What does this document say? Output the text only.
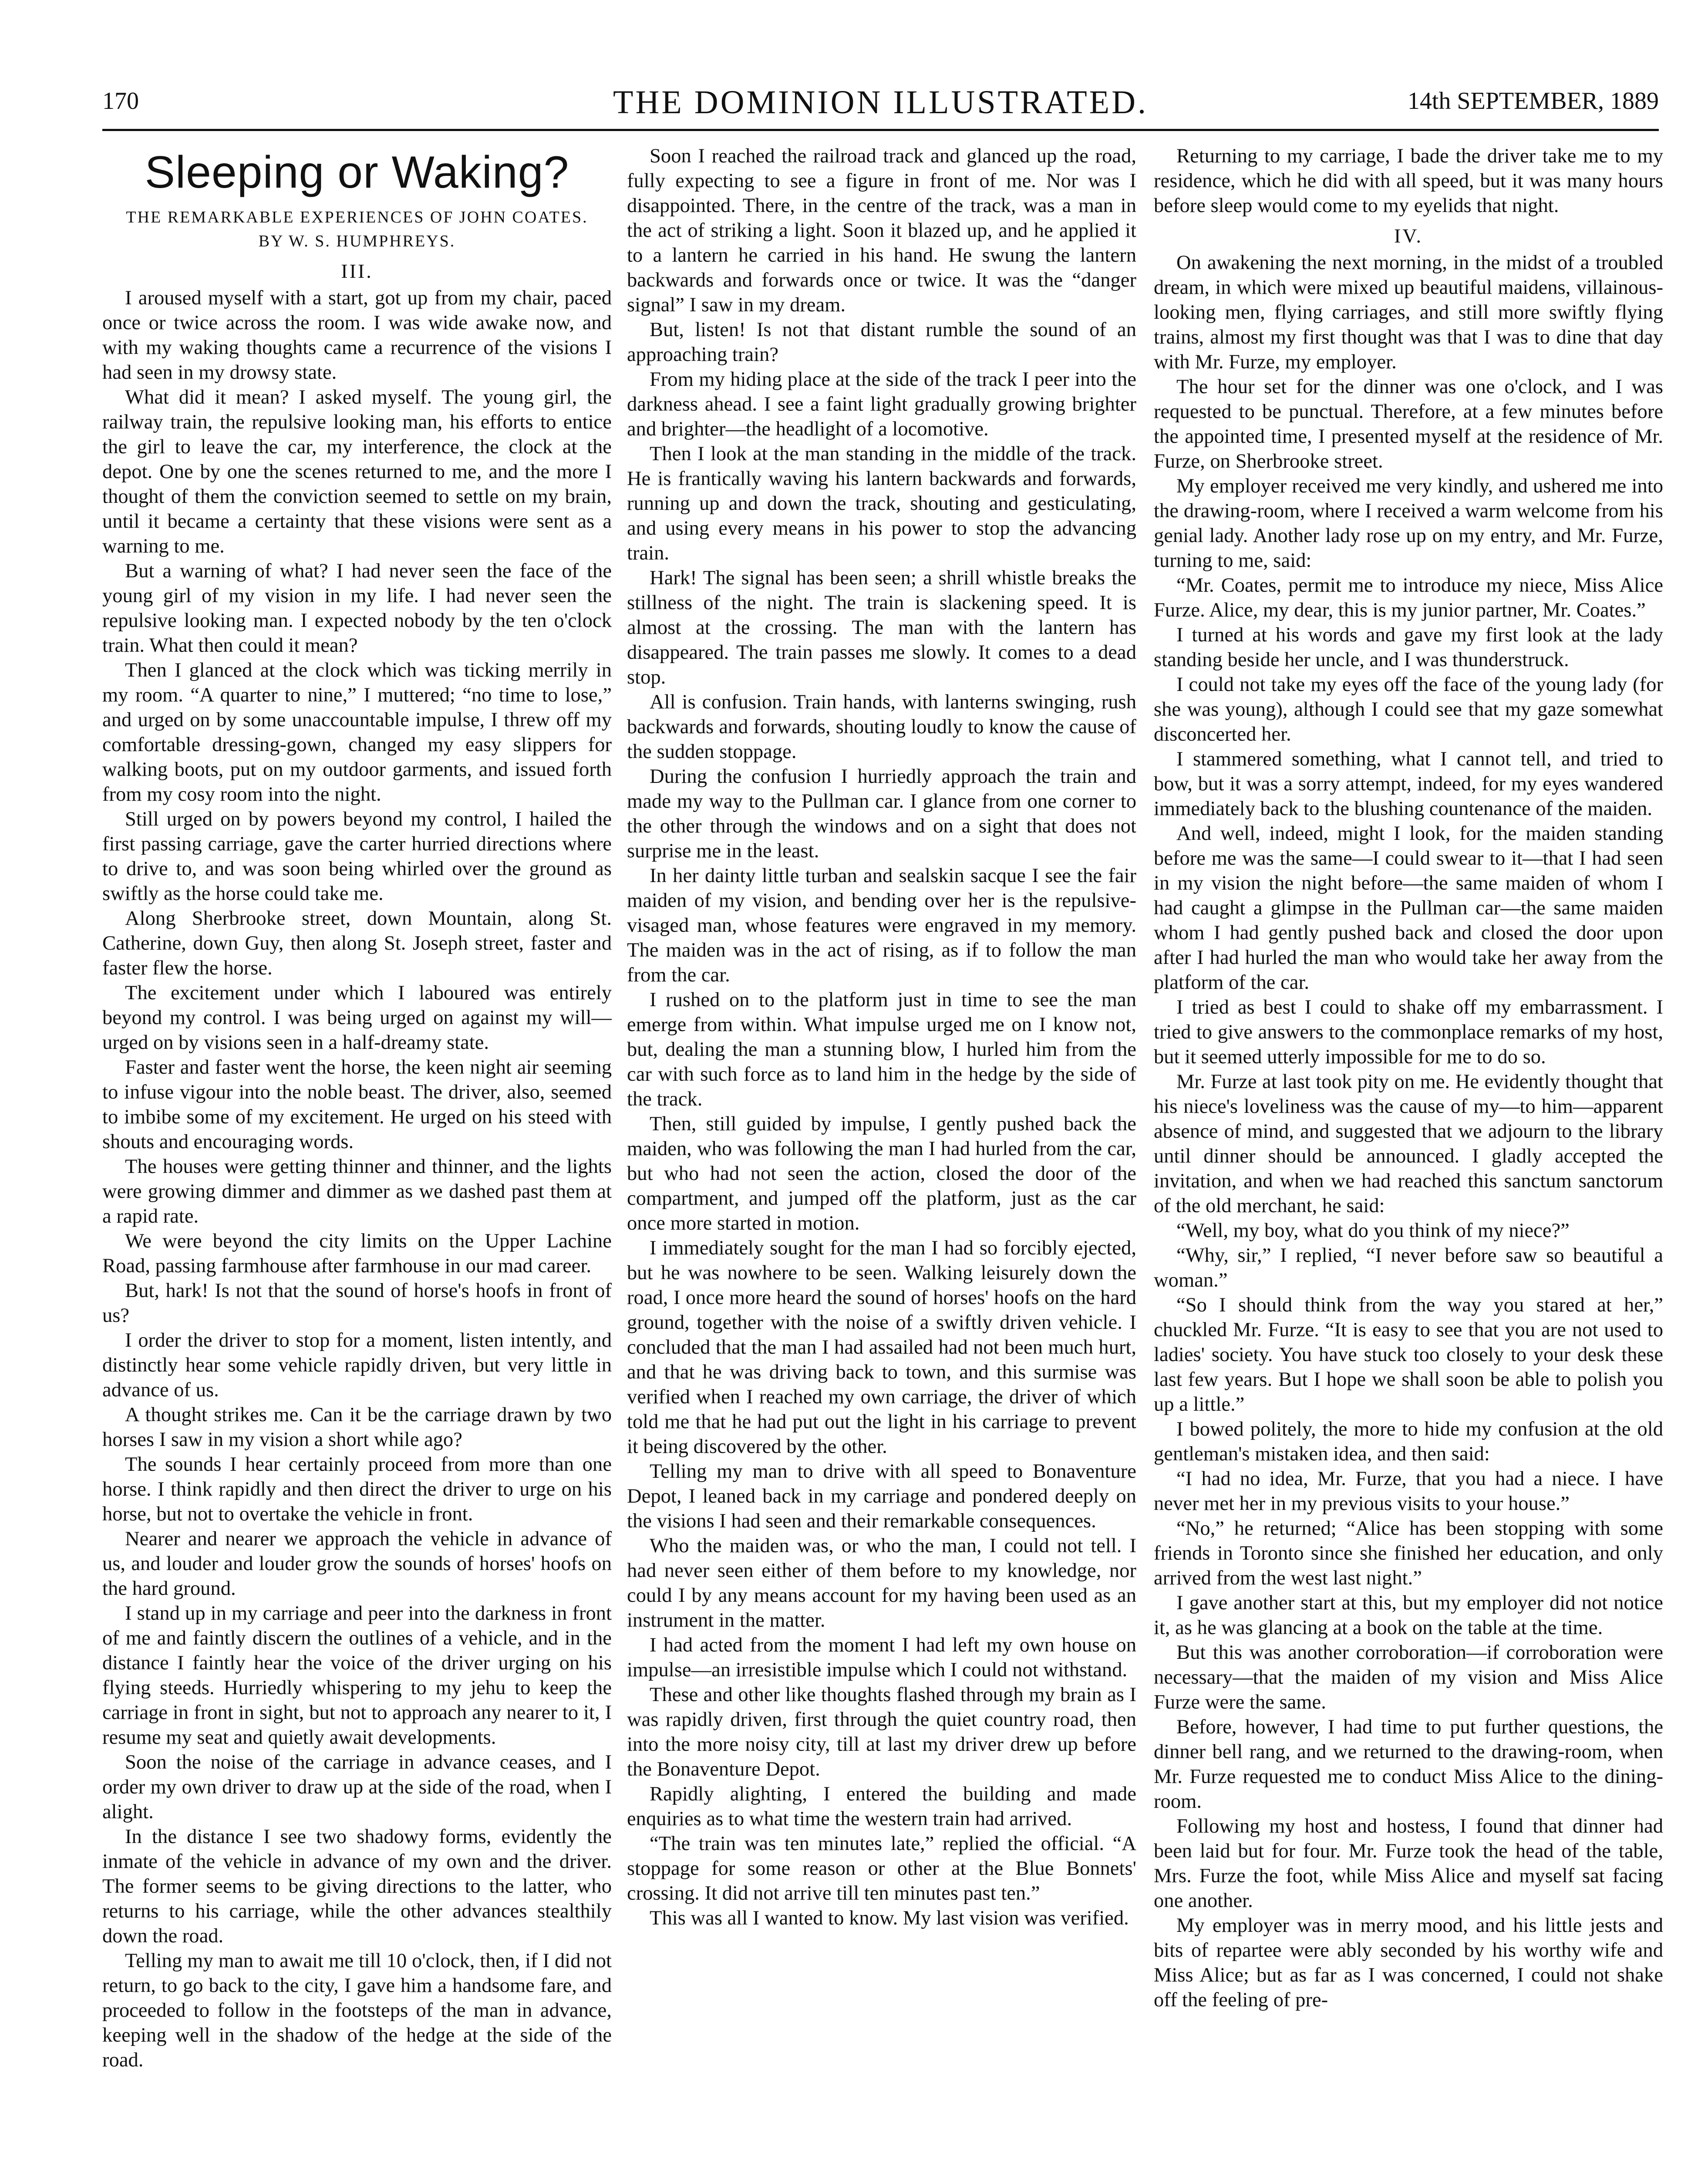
170	THE DOMINION ILLUSTRATED.	14th SEPTEMBER, 1889
Sleeping or Waking?
THE REMARKABLE EXPERIENCES OF JOHN COATES.
BY W. S. HUMPHREYS.
III.

I aroused myself with a start, got up from my chair, paced once or twice across the room. I was wide awake now, and with my waking thoughts came a recurrence of the visions I had seen in my drowsy state.

What did it mean? I asked myself. The young girl, the railway train, the repulsive looking man, his efforts to entice the girl to leave the car, my interference, the clock at the depot. One by one the scenes returned to me, and the more I thought of them the conviction seemed to settle on my brain, until it became a certainty that these visions were sent as a warning to me.

But a warning of what? I had never seen the face of the young girl of my vision in my life. I had never seen the repulsive looking man. I expected nobody by the ten o'clock train. What then could it mean?

Then I glanced at the clock which was ticking merrily in my room. “A quarter to nine,” I muttered; “no time to lose,” and urged on by some unaccountable impulse, I threw off my comfortable dressing-gown, changed my easy slippers for walking boots, put on my outdoor garments, and issued forth from my cosy room into the night.

Still urged on by powers beyond my control, I hailed the first passing carriage, gave the carter hurried directions where to drive to, and was soon being whirled over the ground as swiftly as the horse could take me.

Along Sherbrooke street, down Mountain, along St. Catherine, down Guy, then along St. Joseph street, faster and faster flew the horse.

The excitement under which I laboured was entirely beyond my control. I was being urged on against my will—urged on by visions seen in a half-dreamy state.

Faster and faster went the horse, the keen night air seeming to infuse vigour into the noble beast. The driver, also, seemed to imbibe some of my excitement. He urged on his steed with shouts and encouraging words.

The houses were getting thinner and thinner, and the lights were growing dimmer and dimmer as we dashed past them at a rapid rate.

We were beyond the city limits on the Upper Lachine Road, passing farmhouse after farmhouse in our mad career.

But, hark! Is not that the sound of horse's hoofs in front of us?

I order the driver to stop for a moment, listen intently, and distinctly hear some vehicle rapidly driven, but very little in advance of us.

A thought strikes me. Can it be the carriage drawn by two horses I saw in my vision a short while ago?

The sounds I hear certainly proceed from more than one horse. I think rapidly and then direct the driver to urge on his horse, but not to overtake the vehicle in front.

Nearer and nearer we approach the vehicle in advance of us, and louder and louder grow the sounds of horses' hoofs on the hard ground.

I stand up in my carriage and peer into the darkness in front of me and faintly discern the outlines of a vehicle, and in the distance I faintly hear the voice of the driver urging on his flying steeds. Hurriedly whispering to my jehu to keep the carriage in front in sight, but not to approach any nearer to it, I resume my seat and quietly await developments.

Soon the noise of the carriage in advance ceases, and I order my own driver to draw up at the side of the road, when I alight.

In the distance I see two shadowy forms, evidently the inmate of the vehicle in advance of my own and the driver. The former seems to be giving directions to the latter, who returns to his carriage, while the other advances stealthily down the road.

Telling my man to await me till 10 o'clock, then, if I did not return, to go back to the city, I gave him a handsome fare, and proceeded to follow in the footsteps of the man in advance, keeping well in the shadow of the hedge at the side of the road.

Soon I reached the railroad track and glanced up the road, fully expecting to see a figure in front of me. Nor was I disappointed. There, in the centre of the track, was a man in the act of striking a light. Soon it blazed up, and he applied it to a lantern he carried in his hand. He swung the lantern backwards and forwards once or twice. It was the “danger signal” I saw in my dream.

But, listen! Is not that distant rumble the sound of an approaching train?

From my hiding place at the side of the track I peer into the darkness ahead. I see a faint light gradually growing brighter and brighter—the headlight of a locomotive.

Then I look at the man standing in the middle of the track. He is frantically waving his lantern backwards and forwards, running up and down the track, shouting and gesticulating, and using every means in his power to stop the advancing train.

Hark! The signal has been seen; a shrill whistle breaks the stillness of the night. The train is slackening speed. It is almost at the crossing. The man with the lantern has disappeared. The train passes me slowly. It comes to a dead stop.

All is confusion. Train hands, with lanterns swinging, rush backwards and forwards, shouting loudly to know the cause of the sudden stoppage.

During the confusion I hurriedly approach the train and made my way to the Pullman car. I glance from one corner to the other through the windows and on a sight that does not surprise me in the least.

In her dainty little turban and sealskin sacque I see the fair maiden of my vision, and bending over her is the repulsive-visaged man, whose features were engraved in my memory. The maiden was in the act of rising, as if to follow the man from the car.

I rushed on to the platform just in time to see the man emerge from within. What impulse urged me on I know not, but, dealing the man a stunning blow, I hurled him from the car with such force as to land him in the hedge by the side of the track.

Then, still guided by impulse, I gently pushed back the maiden, who was following the man I had hurled from the car, but who had not seen the action, closed the door of the compartment, and jumped off the platform, just as the car once more started in motion.

I immediately sought for the man I had so forcibly ejected, but he was nowhere to be seen. Walking leisurely down the road, I once more heard the sound of horses' hoofs on the hard ground, together with the noise of a swiftly driven vehicle. I concluded that the man I had assailed had not been much hurt, and that he was driving back to town, and this surmise was verified when I reached my own carriage, the driver of which told me that he had put out the light in his carriage to prevent it being discovered by the other.

Telling my man to drive with all speed to Bonaventure Depot, I leaned back in my carriage and pondered deeply on the visions I had seen and their remarkable consequences.

Who the maiden was, or who the man, I could not tell. I had never seen either of them before to my knowledge, nor could I by any means account for my having been used as an instrument in the matter.

I had acted from the moment I had left my own house on impulse—an irresistible impulse which I could not withstand.

These and other like thoughts flashed through my brain as I was rapidly driven, first through the quiet country road, then into the more noisy city, till at last my driver drew up before the Bonaventure Depot.

Rapidly alighting, I entered the building and made enquiries as to what time the western train had arrived.

“The train was ten minutes late,” replied the official. “A stoppage for some reason or other at the Blue Bonnets' crossing. It did not arrive till ten minutes past ten.”

This was all I wanted to know. My last vision was verified.

Returning to my carriage, I bade the driver take me to my residence, which he did with all speed, but it was many hours before sleep would come to my eyelids that night.

IV.

On awakening the next morning, in the midst of a troubled dream, in which were mixed up beautiful maidens, villainous-looking men, flying carriages, and still more swiftly flying trains, almost my first thought was that I was to dine that day with Mr. Furze, my employer.

The hour set for the dinner was one o'clock, and I was requested to be punctual. Therefore, at a few minutes before the appointed time, I presented myself at the residence of Mr. Furze, on Sherbrooke street.

My employer received me very kindly, and ushered me into the drawing-room, where I received a warm welcome from his genial lady. Another lady rose up on my entry, and Mr. Furze, turning to me, said:

“Mr. Coates, permit me to introduce my niece, Miss Alice Furze. Alice, my dear, this is my junior partner, Mr. Coates.”

I turned at his words and gave my first look at the lady standing beside her uncle, and I was thunderstruck.

I could not take my eyes off the face of the young lady (for she was young), although I could see that my gaze somewhat disconcerted her.

I stammered something, what I cannot tell, and tried to bow, but it was a sorry attempt, indeed, for my eyes wandered immediately back to the blushing countenance of the maiden.

And well, indeed, might I look, for the maiden standing before me was the same—I could swear to it—that I had seen in my vision the night before—the same maiden of whom I had caught a glimpse in the Pullman car—the same maiden whom I had gently pushed back and closed the door upon after I had hurled the man who would take her away from the platform of the car.

I tried as best I could to shake off my embarrassment. I tried to give answers to the commonplace remarks of my host, but it seemed utterly impossible for me to do so.

Mr. Furze at last took pity on me. He evidently thought that his niece's loveliness was the cause of my—to him—apparent absence of mind, and suggested that we adjourn to the library until dinner should be announced. I gladly accepted the invitation, and when we had reached this sanctum sanctorum of the old merchant, he said:

“Well, my boy, what do you think of my niece?”

“Why, sir,” I replied, “I never before saw so beautiful a woman.”

“So I should think from the way you stared at her,” chuckled Mr. Furze. “It is easy to see that you are not used to ladies' society. You have stuck too closely to your desk these last few years. But I hope we shall soon be able to polish you up a little.”

I bowed politely, the more to hide my confusion at the old gentleman's mistaken idea, and then said:

“I had no idea, Mr. Furze, that you had a niece. I have never met her in my previous visits to your house.”

“No,” he returned; “Alice has been stopping with some friends in Toronto since she finished her education, and only arrived from the west last night.”

I gave another start at this, but my employer did not notice it, as he was glancing at a book on the table at the time.

But this was another corroboration—if corroboration were necessary—that the maiden of my vision and Miss Alice Furze were the same.

Before, however, I had time to put further questions, the dinner bell rang, and we returned to the drawing-room, when Mr. Furze requested me to conduct Miss Alice to the dining-room.

Following my host and hostess, I found that dinner had been laid but for four. Mr. Furze took the head of the table, Mrs. Furze the foot, while Miss Alice and myself sat facing one another.

My employer was in merry mood, and his little jests and bits of repartee were ably seconded by his worthy wife and Miss Alice; but as far as I was concerned, I could not shake off the feeling of pre-
